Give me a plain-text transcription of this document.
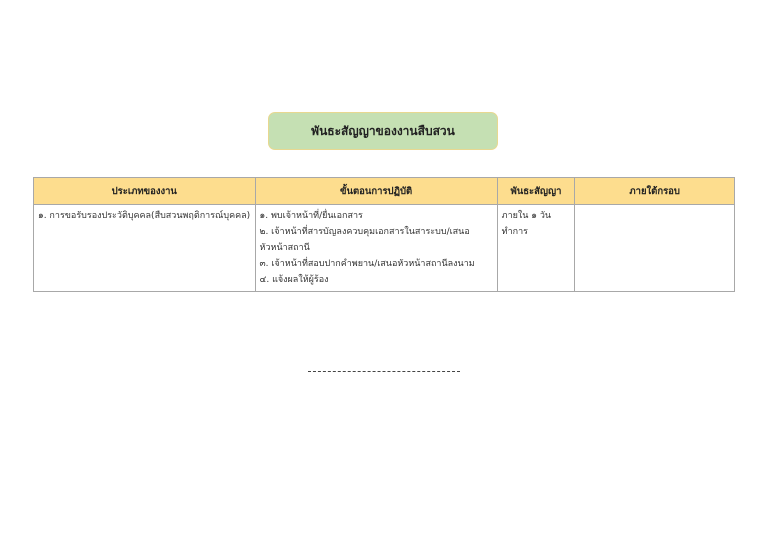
พันธะสัญญาของงานสืบสวน
ประเภทของงาน	ขั้นตอนการปฏิบัติ	พันธะสัญญา	ภายใต้กรอบ
๑. การขอรับรองประวัติบุคคล(สืบสวนพฤติการณ์บุคคล)	๑. พบเจ้าหน้าที่/ยื่นเอกสาร
๒. เจ้าหน้าที่สารบัญลงควบคุมเอกสารในสาระบบ/เสนอหัวหน้าสถานี
๓. เจ้าหน้าที่สอบปากคำพยาน/เสนอหัวหน้าสถานีลงนาม
๔. แจ้งผลให้ผู้ร้อง	ภายใน ๑ วันทำการ	
